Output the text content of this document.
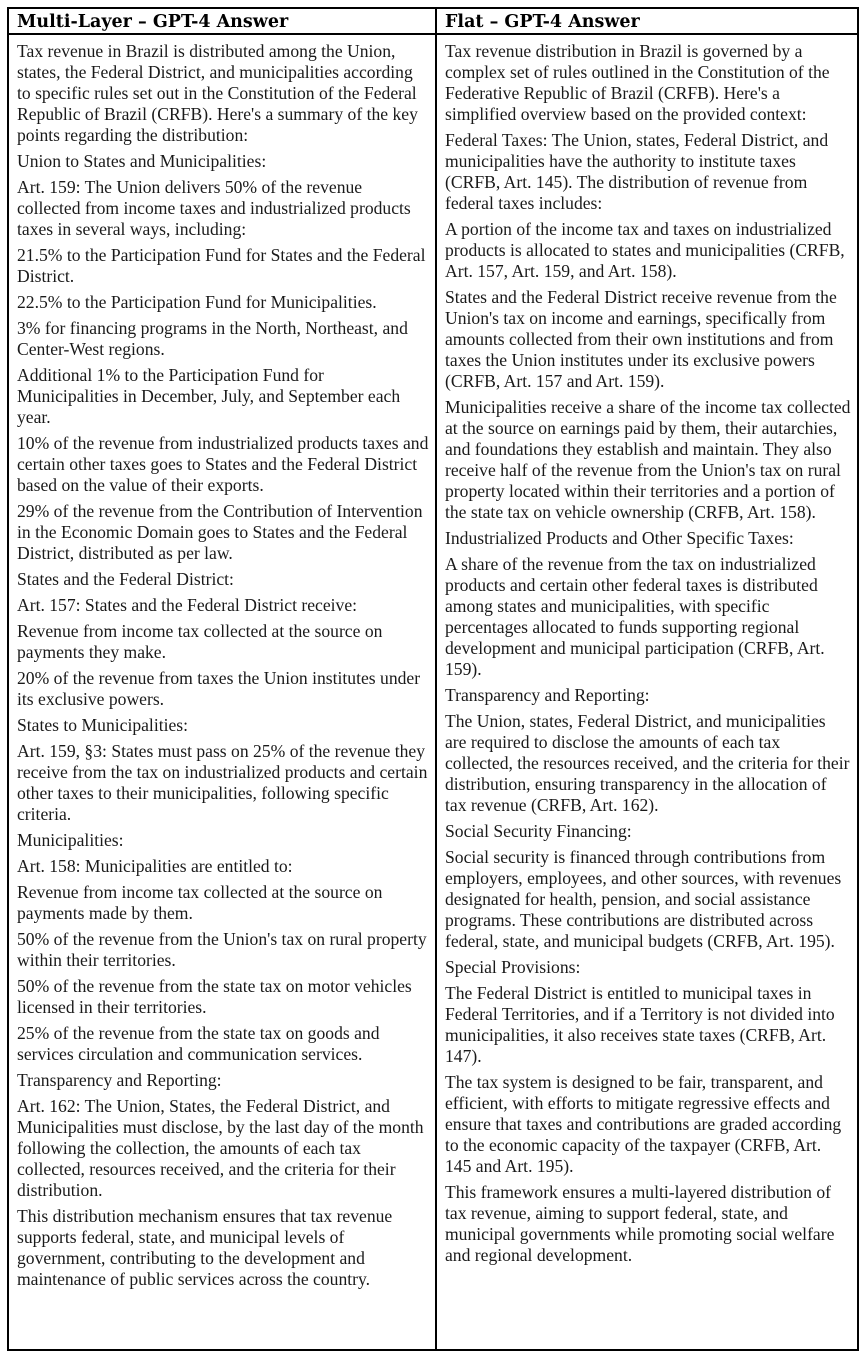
Multi-Layer – GPT-4 Answer

Tax revenue in Brazil is distributed among the Union, states, the Federal District, and municipalities according to specific rules set out in the Constitution of the Federal Republic of Brazil (CRFB). Here's a summary of the key points regarding the distribution:

Union to States and Municipalities:

Art. 159: The Union delivers 50% of the revenue collected from income taxes and industrialized products taxes in several ways, including:

21.5% to the Participation Fund for States and the Federal District.

22.5% to the Participation Fund for Municipalities.

3% for financing programs in the North, Northeast, and Center-West regions.

Additional 1% to the Participation Fund for Municipalities in December, July, and September each year.

10% of the revenue from industrialized products taxes and certain other taxes goes to States and the Federal District based on the value of their exports.

29% of the revenue from the Contribution of Intervention in the Economic Domain goes to States and the Federal District, distributed as per law.

States and the Federal District:

Art. 157: States and the Federal District receive:

Revenue from income tax collected at the source on payments they make.

20% of the revenue from taxes the Union institutes under its exclusive powers.

States to Municipalities:

Art. 159, §3: States must pass on 25% of the revenue they receive from the tax on industrialized products and certain other taxes to their municipalities, following specific criteria.

Municipalities:

Art. 158: Municipalities are entitled to:

Revenue from income tax collected at the source on payments made by them.

50% of the revenue from the Union's tax on rural property within their territories.

50% of the revenue from the state tax on motor vehicles licensed in their territories.

25% of the revenue from the state tax on goods and services circulation and communication services.

Transparency and Reporting:

Art. 162: The Union, States, the Federal District, and Municipalities must disclose, by the last day of the month following the collection, the amounts of each tax collected, resources received, and the criteria for their distribution.

This distribution mechanism ensures that tax revenue supports federal, state, and municipal levels of government, contributing to the development and maintenance of public services across the country.

Flat – GPT-4 Answer

Tax revenue distribution in Brazil is governed by a complex set of rules outlined in the Constitution of the Federative Republic of Brazil (CRFB). Here's a simplified overview based on the provided context:

Federal Taxes: The Union, states, Federal District, and municipalities have the authority to institute taxes (CRFB, Art. 145). The distribution of revenue from federal taxes includes:

A portion of the income tax and taxes on industrialized products is allocated to states and municipalities (CRFB, Art. 157, Art. 159, and Art. 158).

States and the Federal District receive revenue from the Union's tax on income and earnings, specifically from amounts collected from their own institutions and from taxes the Union institutes under its exclusive powers (CRFB, Art. 157 and Art. 159).

Municipalities receive a share of the income tax collected at the source on earnings paid by them, their autarchies, and foundations they establish and maintain. They also receive half of the revenue from the Union's tax on rural property located within their territories and a portion of the state tax on vehicle ownership (CRFB, Art. 158).

Industrialized Products and Other Specific Taxes:

A share of the revenue from the tax on industrialized products and certain other federal taxes is distributed among states and municipalities, with specific percentages allocated to funds supporting regional development and municipal participation (CRFB, Art. 159).

Transparency and Reporting:

The Union, states, Federal District, and municipalities are required to disclose the amounts of each tax collected, the resources received, and the criteria for their distribution, ensuring transparency in the allocation of tax revenue (CRFB, Art. 162).

Social Security Financing:

Social security is financed through contributions from employers, employees, and other sources, with revenues designated for health, pension, and social assistance programs. These contributions are distributed across federal, state, and municipal budgets (CRFB, Art. 195).

Special Provisions:

The Federal District is entitled to municipal taxes in Federal Territories, and if a Territory is not divided into municipalities, it also receives state taxes (CRFB, Art. 147).

The tax system is designed to be fair, transparent, and efficient, with efforts to mitigate regressive effects and ensure that taxes and contributions are graded according to the economic capacity of the taxpayer (CRFB, Art. 145 and Art. 195).

This framework ensures a multi-layered distribution of tax revenue, aiming to support federal, state, and municipal governments while promoting social welfare and regional development.
